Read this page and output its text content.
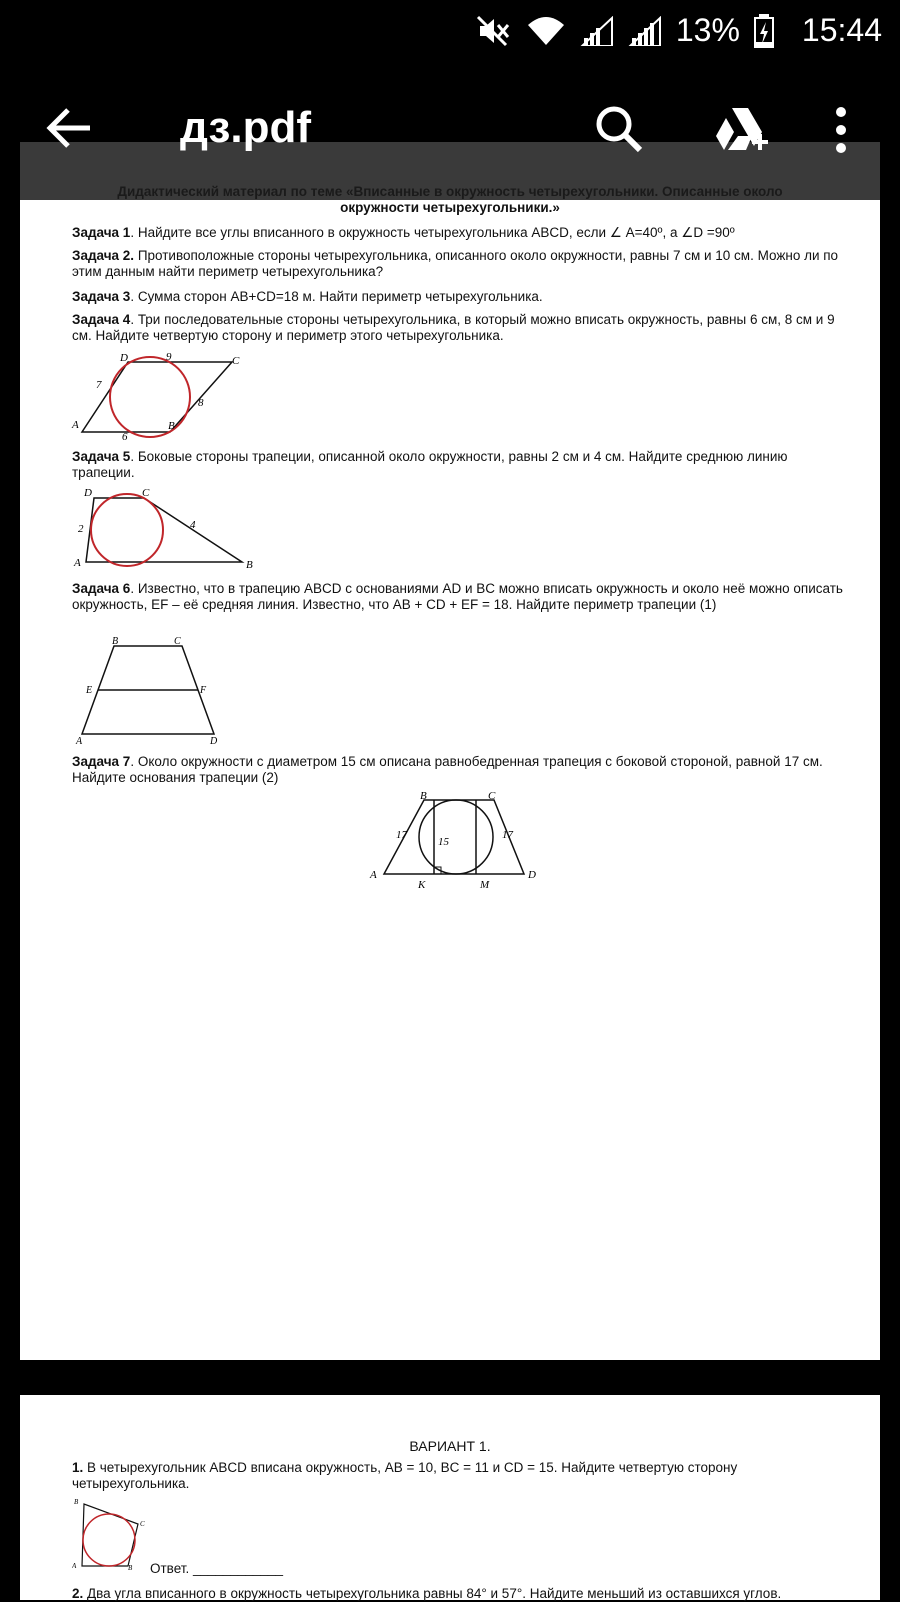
13% 15:44
дз.pdf
Дидактический материал по теме «Вписанные в окружность четырехугольники. Описанные около
окружности четырехугольники.»
Задача 1. Найдите все углы вписанного в окружность четырехугольника ABCD, если ∠ A=40º, а ∠D =90º
Задача 2. Противоположные стороны четырехугольника, описанного около окружности, равны 7 см и 10 см. Можно ли по этим данным найти периметр четырехугольника?
Задача 3. Сумма сторон AB+CD=18 м. Найти периметр четырехугольника.
Задача 4. Три последовательные стороны четырехугольника, в который можно вписать окружность, равны 6 см, 8 см и 9 см. Найдите четвертую сторону и периметр этого четырехугольника.
D	9	C
7
8
A
6
B
Задача 5. Боковые стороны трапеции, описанной около окружности, равны 2 см и 4 см. Найдите среднюю линию трапеции.
D	C
2	4
A	B
Задача 6. Известно, что в трапецию ABCD с основаниями AD и BC можно вписать окружность и около неё можно описать окружность, EF – её средняя линия. Известно, что AB + CD + EF = 18. Найдите периметр трапеции (1)
B	C
E	F
A	D
Задача 7. Около окружности с диаметром 15 см описана равнобедренная трапеция с боковой стороной, равной 17 см. Найдите основания трапеции (2)
B	C
17	17
15
A	D
K	M
ВАРИАНТ 1.
1. В четырехугольник ABCD вписана окружность, AB = 10, BC = 11 и CD = 15. Найдите четвертую сторону четырехугольника.
B
C
A	B Ответ. ____________
2. Два угла вписанного в окружность четырехугольника равны 84° и 57°. Найдите меньший из оставшихся углов.
